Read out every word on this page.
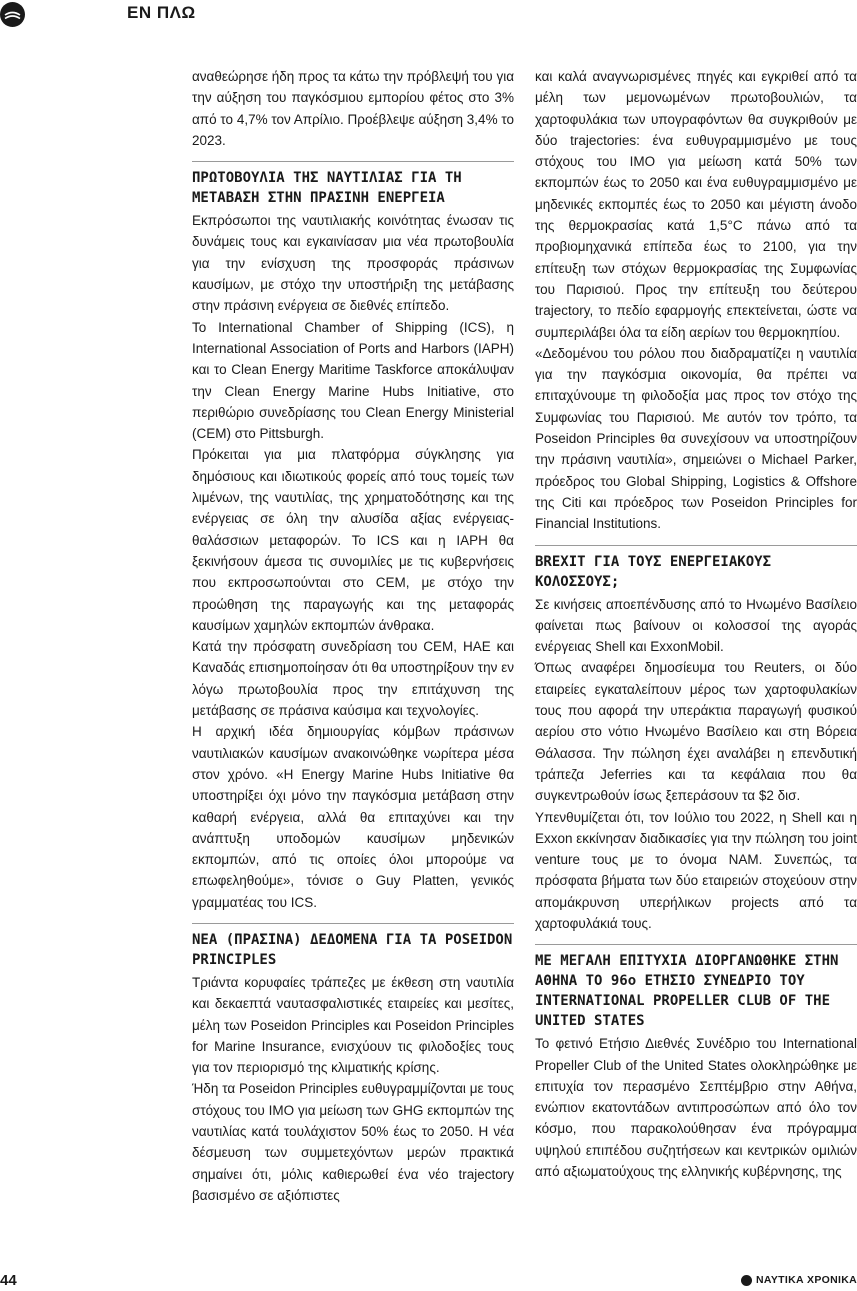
ΕΝ ΠΛΩ

αναθεώρησε ήδη προς τα κάτω την πρόβλεψή του για την αύξηση του παγκόσμιου εμπορίου φέτος στο 3% από το 4,7% τον Απρίλιο. Προέβλεψε αύξηση 3,4% το 2023.

ΠΡΩΤΟΒΟΥΛΙΑ ΤΗΣ ΝΑΥΤΙΛΙΑΣ ΓΙΑ ΤΗ ΜΕΤΑΒΑΣΗ ΣΤΗΝ ΠΡΑΣΙΝΗ ΕΝΕΡΓΕΙΑ

Εκπρόσωποι της ναυτιλιακής κοινότητας ένωσαν τις δυνάμεις τους και εγκαινίασαν μια νέα πρωτοβουλία για την ενίσχυση της προσφοράς πράσινων καυσίμων, με στόχο την υποστήριξη της μετάβασης στην πράσινη ενέργεια σε διεθνές επίπεδο.

Το International Chamber of Shipping (ICS), η International Association of Ports and Harbors (IAPH) και το Clean Energy Maritime Taskforce αποκάλυψαν την Clean Energy Marine Hubs Initiative, στο περιθώριο συνεδρίασης του Clean Energy Ministerial (CEM) στο Pittsburgh.

Πρόκειται για μια πλατφόρμα σύγκλησης για δημόσιους και ιδιωτικούς φορείς από τους τομείς των λιμένων, της ναυτιλίας, της χρηματοδότησης και της ενέργειας σε όλη την αλυσίδα αξίας ενέργειας-θαλάσσιων μεταφορών. Το ICS και η IAPH θα ξεκινήσουν άμεσα τις συνομιλίες με τις κυβερνήσεις που εκπροσωπούνται στο CEM, με στόχο την προώθηση της παραγωγής και της μεταφοράς καυσίμων χαμηλών εκπομπών άνθρακα.

Κατά την πρόσφατη συνεδρίαση του CEM, ΗΑΕ και Καναδάς επισημοποίησαν ότι θα υποστηρίξουν την εν λόγω πρωτοβουλία προς την επιτάχυνση της μετάβασης σε πράσινα καύσιμα και τεχνολογίες.

Η αρχική ιδέα δημιουργίας κόμβων πράσινων ναυτιλιακών καυσίμων ανακοινώθηκε νωρίτερα μέσα στον χρόνο. «Η Energy Marine Hubs Initiative θα υποστηρίξει όχι μόνο την παγκόσμια μετάβαση στην καθαρή ενέργεια, αλλά θα επιταχύνει και την ανάπτυξη υποδομών καυσίμων μηδενικών εκπομπών, από τις οποίες όλοι μπορούμε να επωφεληθούμε», τόνισε ο Guy Platten, γενικός γραμματέας του ICS.

ΝΕΑ (ΠΡΑΣΙΝΑ) ΔΕΔΟΜΕΝΑ ΓΙΑ ΤΑ POSEIDON PRINCIPLES

Τριάντα κορυφαίες τράπεζες με έκθεση στη ναυτιλία και δεκαεπτά ναυτασφαλιστικές εταιρείες και μεσίτες, μέλη των Poseidon Principles και Poseidon Principles for Marine Insurance, ενισχύουν τις φιλοδοξίες τους για τον περιορισμό της κλιματικής κρίσης.

Ήδη τα Poseidon Principles ευθυγραμμίζονται με τους στόχους του ΙΜΟ για μείωση των GHG εκπομπών της ναυτιλίας κατά τουλάχιστον 50% έως το 2050. Η νέα δέσμευση των συμμετεχόντων μερών πρακτικά σημαίνει ότι, μόλις καθιερωθεί ένα νέο trajectory βασισμένο σε αξιόπιστες

και καλά αναγνωρισμένες πηγές και εγκριθεί από τα μέλη των μεμονωμένων πρωτοβουλιών, τα χαρτοφυλάκια των υπογραφόντων θα συγκριθούν με δύο trajectories: ένα ευθυγραμμισμένο με τους στόχους του ΙΜΟ για μείωση κατά 50% των εκπομπών έως το 2050 και ένα ευθυγραμμισμένο με μηδενικές εκπομπές έως το 2050 και μέγιστη άνοδο της θερμοκρασίας κατά 1,5°C πάνω από τα προβιομηχανικά επίπεδα έως το 2100, για την επίτευξη των στόχων θερμοκρασίας της Συμφωνίας του Παρισιού. Προς την επίτευξη του δεύτερου trajectory, το πεδίο εφαρμογής επεκτείνεται, ώστε να συμπεριλάβει όλα τα είδη αερίων του θερμοκηπίου.

«Δεδομένου του ρόλου που διαδραματίζει η ναυτιλία για την παγκόσμια οικονομία, θα πρέπει να επιταχύνουμε τη φιλοδοξία μας προς τον στόχο της Συμφωνίας του Παρισιού. Με αυτόν τον τρόπο, τα Poseidon Principles θα συνεχίσουν να υποστηρίζουν την πράσινη ναυτιλία», σημειώνει ο Michael Parker, πρόεδρος του Global Shipping, Logistics & Offshore της Citi και πρόεδρος των Poseidon Principles for Financial Institutions.

BREXIT ΓΙΑ ΤΟΥΣ ΕΝΕΡΓΕΙΑΚΟΥΣ ΚΟΛΟΣΣΟΥΣ;

Σε κινήσεις αποεπένδυσης από το Ηνωμένο Βασίλειο φαίνεται πως βαίνουν οι κολοσσοί της αγοράς ενέργειας Shell και ExxonMobil.

Όπως αναφέρει δημοσίευμα του Reuters, οι δύο εταιρείες εγκαταλείπουν μέρος των χαρτοφυλακίων τους που αφορά την υπεράκτια παραγωγή φυσικού αερίου στο νότιο Ηνωμένο Βασίλειο και στη Βόρεια Θάλασσα. Την πώληση έχει αναλάβει η επενδυτική τράπεζα Jeferries και τα κεφάλαια που θα συγκεντρωθούν ίσως ξεπεράσουν τα $2 δισ.

Υπενθυμίζεται ότι, τον Ιούλιο του 2022, η Shell και η Exxon εκκίνησαν διαδικασίες για την πώληση του joint venture τους με το όνομα NAM. Συνεπώς, τα πρόσφατα βήματα των δύο εταιρειών στοχεύουν στην απομάκρυνση υπερήλικων projects από τα χαρτοφυλάκιά τους.

ΜΕ ΜΕΓΑΛΗ ΕΠΙΤΥΧΙΑ ΔΙΟΡΓΑΝΩΘΗΚΕ ΣΤΗΝ ΑΘΗΝΑ ΤΟ 96ο ΕΤΗΣΙΟ ΣΥΝΕΔΡΙΟ ΤΟΥ INTERNATIONAL PROPELLER CLUB OF THE UNITED STATES

Το φετινό Ετήσιο Διεθνές Συνέδριο του International Propeller Club of the United States ολοκληρώθηκε με επιτυχία τον περασμένο Σεπτέμβριο στην Αθήνα, ενώπιον εκατοντάδων αντιπροσώπων από όλο τον κόσμο, που παρακολούθησαν ένα πρόγραμμα υψηλού επιπέδου συζητήσεων και κεντρικών ομιλιών από αξιωματούχους της ελληνικής κυβέρνησης, της

44	ΝΑΥΤΙΚΑ ΧΡΟΝΙΚΑ
